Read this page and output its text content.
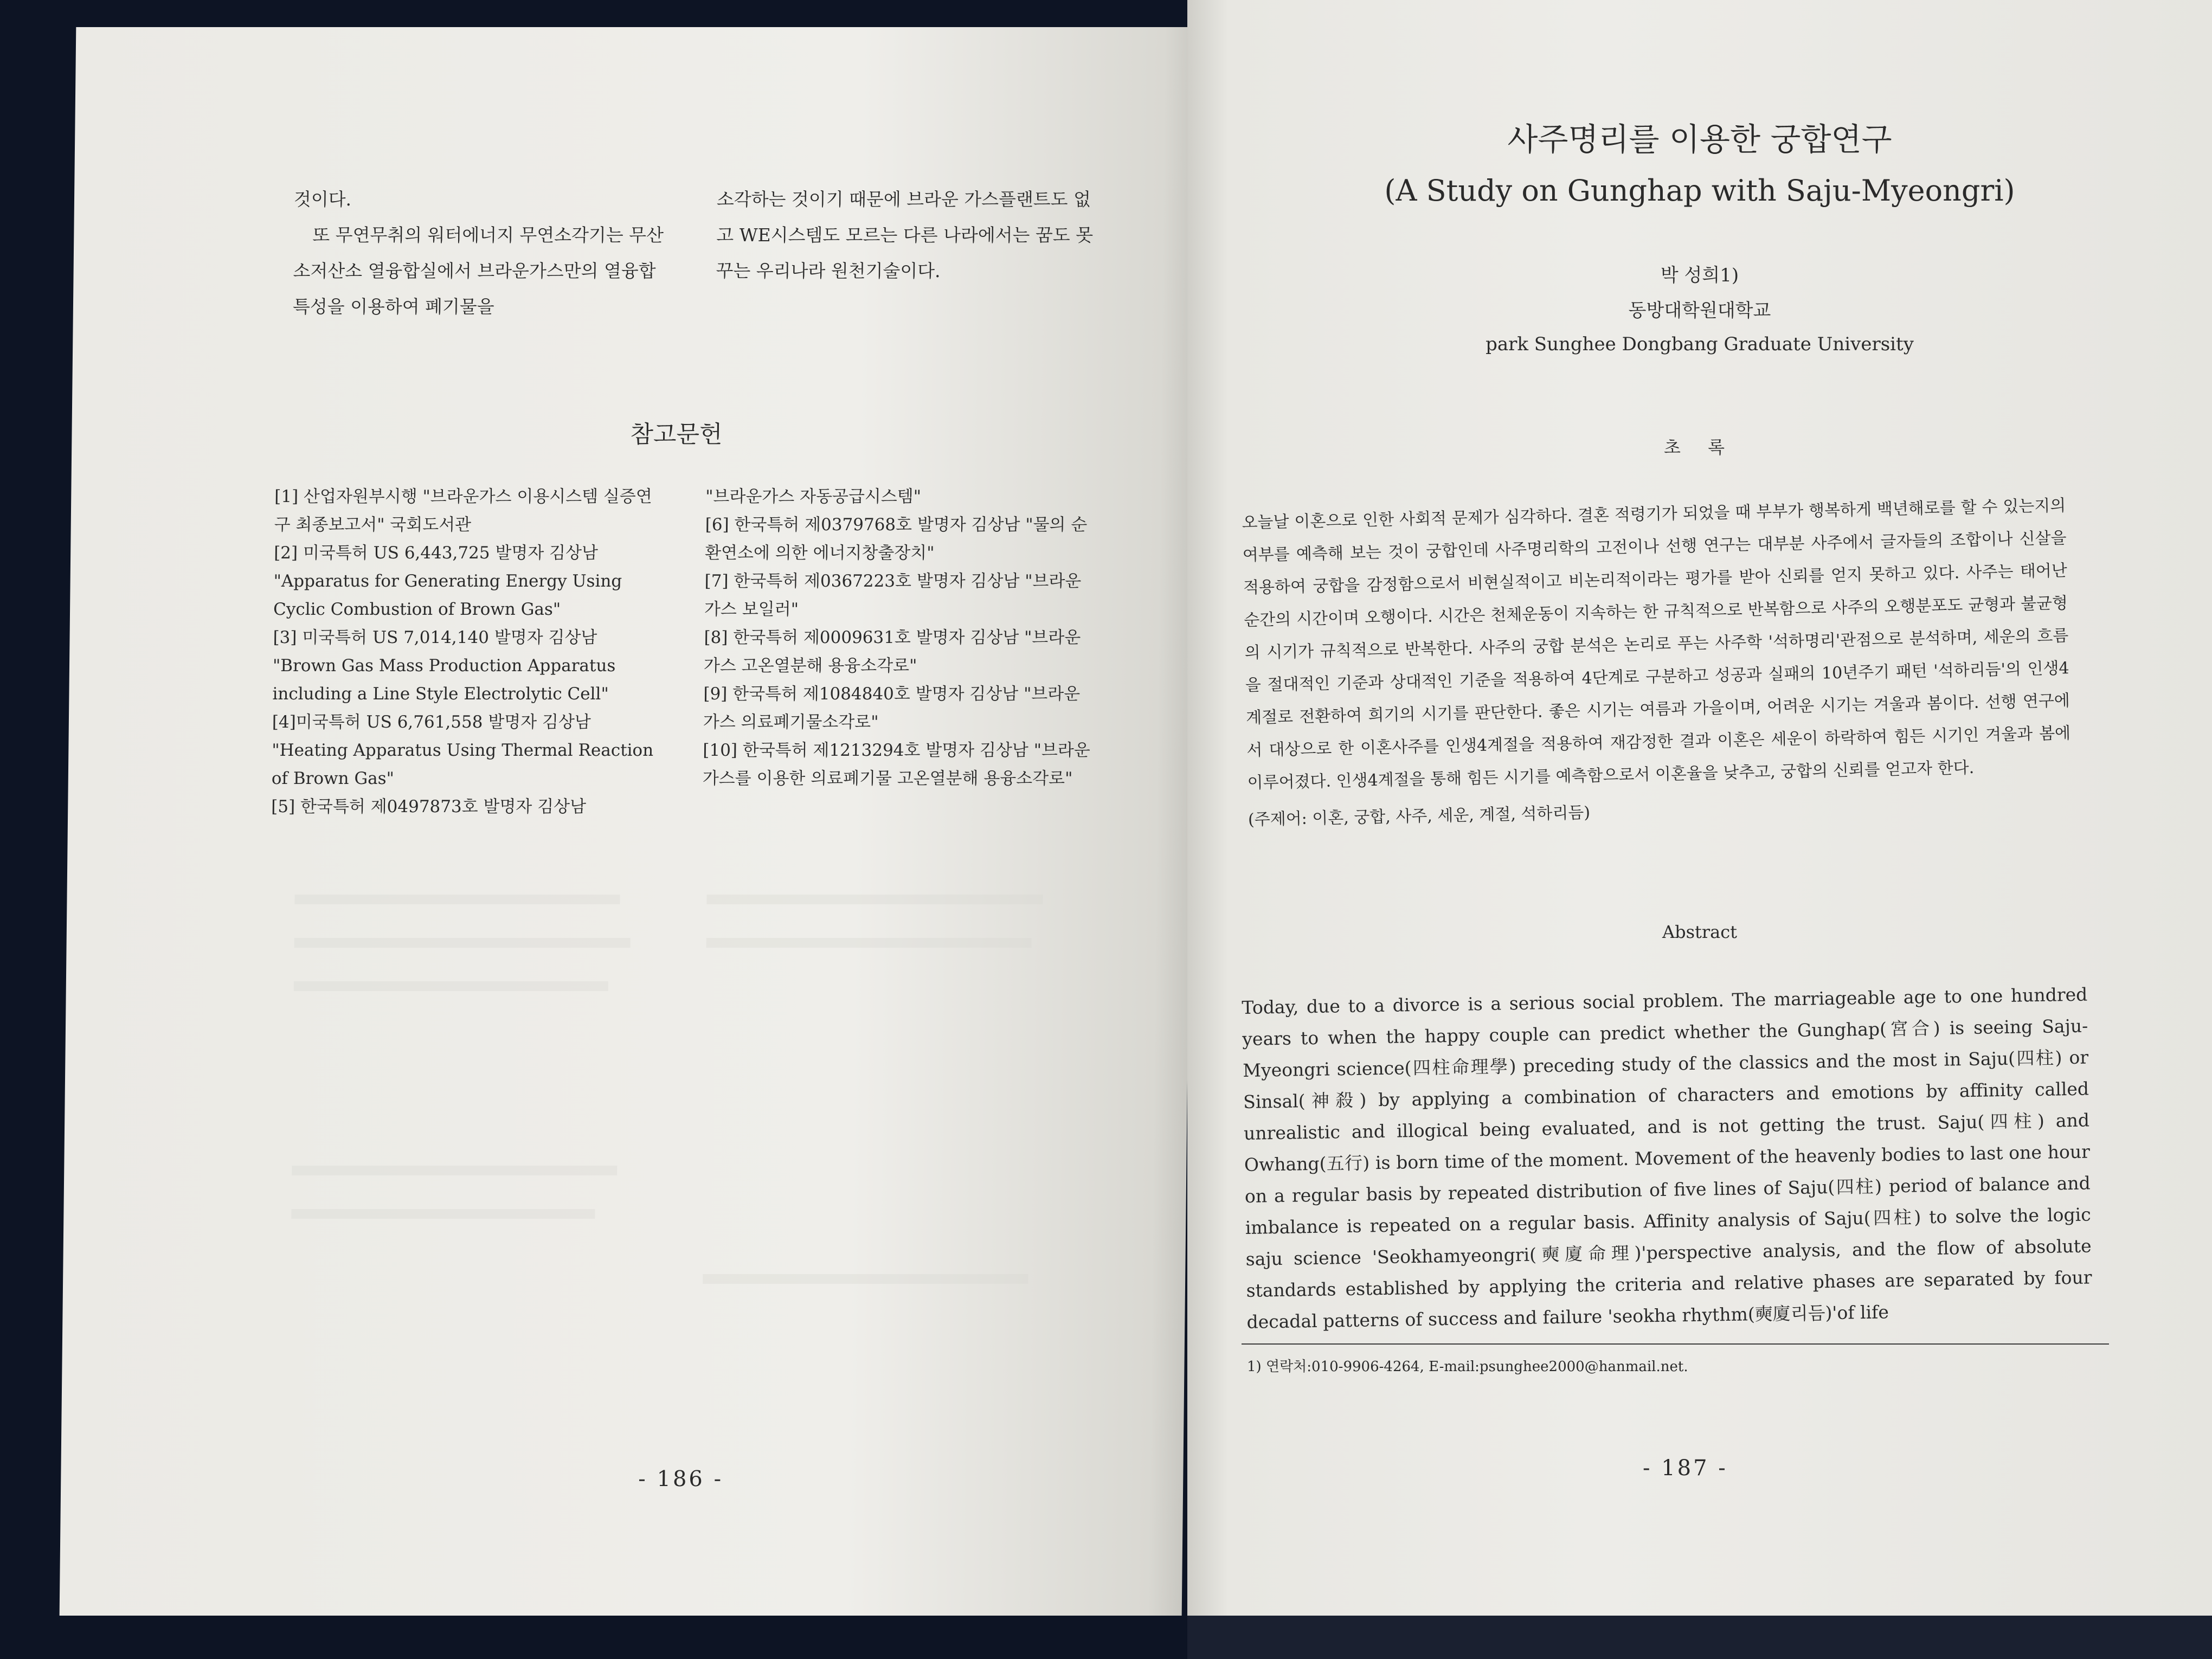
것이다.

또 무연무취의 워터에너지 무연소각기는 무산소저산소 열융합실에서 브라운가스만의 열융합특성을 이용하여 폐기물을

소각하는 것이기 때문에 브라운 가스플랜트도 없고 WE시스템도 모르는 다른 나라에서는 꿈도 못 꾸는 우리나라 원천기술이다.

참고문헌

[1] 산업자원부시행 "브라운가스 이용시스템 실증연구 최종보고서" 국회도서관

[2] 미국특허 US 6,443,725 발명자 김상남 "Apparatus for Generating Energy Using Cyclic Combustion of Brown Gas"

[3] 미국특허 US 7,014,140 발명자 김상남 "Brown Gas Mass Production Apparatus including a Line Style Electrolytic Cell"

[4]미국특허 US 6,761,558 발명자 김상남 "Heating Apparatus Using Thermal Reaction of Brown Gas"

[5] 한국특허 제0497873호 발명자 김상남

"브라운가스 자동공급시스템"

[6] 한국특허 제0379768호 발명자 김상남 "물의 순환연소에 의한 에너지창출장치"

[7] 한국특허 제0367223호 발명자 김상남 "브라운가스 보일러"

[8] 한국특허 제0009631호 발명자 김상남 "브라운가스 고온열분해 용융소각로"

[9] 한국특허 제1084840호 발명자 김상남 "브라운가스 의료폐기물소각로"

[10] 한국특허 제1213294호 발명자 김상남 "브라운가스를 이용한 의료폐기물 고온열분해 용융소각로"

- 186 -
사주명리를 이용한 궁합연구
(A Study on Gunghap with Saju-Myeongri)
박 성희1)
동방대학원대학교
park Sunghee Dongbang Graduate University
초 록
오늘날 이혼으로 인한 사회적 문제가 심각하다. 결혼 적령기가 되었을 때 부부가 행복하게 백년해로를 할 수 있는지의 여부를 예측해 보는 것이 궁합인데 사주명리학의 고전이나 선행 연구는 대부분 사주에서 글자들의 조합이나 신살을 적용하여 궁합을 감정함으로서 비현실적이고 비논리적이라는 평가를 받아 신뢰를 얻지 못하고 있다. 사주는 태어난 순간의 시간이며 오행이다. 시간은 천체운동이 지속하는 한 규칙적으로 반복함으로 사주의 오행분포도 균형과 불균형의 시기가 규칙적으로 반복한다. 사주의 궁합 분석은 논리로 푸는 사주학 '석하명리'관점으로 분석하며, 세운의 흐름을 절대적인 기준과 상대적인 기준을 적용하여 4단계로 구분하고 성공과 실패의 10년주기 패턴 '석하리듬'의 인생4계절로 전환하여 희기의 시기를 판단한다. 좋은 시기는 여름과 가을이며, 어려운 시기는 겨울과 봄이다. 선행 연구에서 대상으로 한 이혼사주를 인생4계절을 적용하여 재감정한 결과 이혼은 세운이 하락하여 힘든 시기인 겨울과 봄에 이루어졌다. 인생4계절을 통해 힘든 시기를 예측함으로서 이혼율을 낮추고, 궁합의 신뢰를 얻고자 한다.
(주제어: 이혼, 궁합, 사주, 세운, 계절, 석하리듬)
Abstract
Today, due to a divorce is a serious social problem. The marriageable age to one hundred years to when the happy couple can predict whether the Gunghap(宮合) is seeing Saju-Myeongri science(四柱命理學) preceding study of the classics and the most in Saju(四柱) or Sinsal(神殺) by applying a combination of characters and emotions by affinity called unrealistic and illogical being evaluated, and is not getting the trust. Saju(四柱) and Owhang(五行) is born time of the moment. Movement of the heavenly bodies to last one hour on a regular basis by repeated distribution of five lines of Saju(四柱) period of balance and imbalance is repeated on a regular basis. Affinity analysis of Saju(四柱) to solve the logic saju science 'Seokhamyeongri(奭廈命理)'perspective analysis, and the flow of absolute standards established by applying the criteria and relative phases are separated by four decadal patterns of success and failure 'seokha rhythm(奭廈리듬)'of life
1) 연락처:010-9906-4264, E-mail:psunghee2000@hanmail.net.
- 187 -
